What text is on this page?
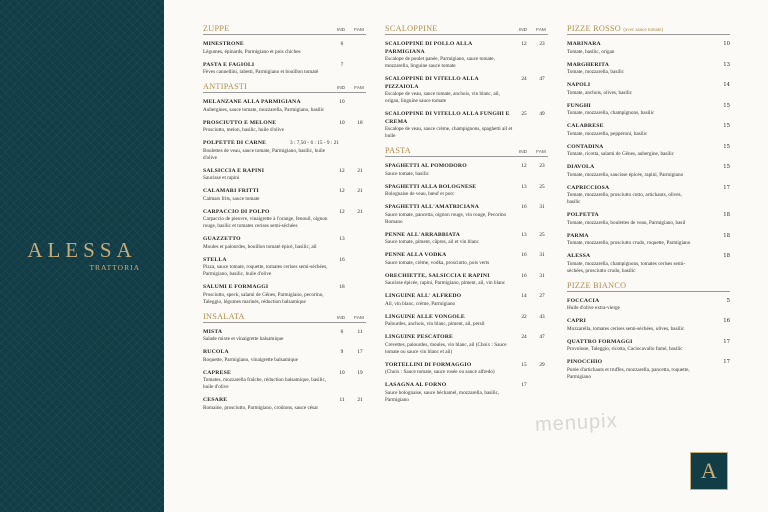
ALESSA
TRATTORIA
ZUPPE	IND	FAM
MINESTRONE
Légumes, épinards, Parmigiano et pois chiches
6
PASTA E FAGIOLI
Fèves cannellini, rabetti, Parmigiano et bouillon tomaté
7
ANTIPASTI	IND	FAM
MELANZANE ALLA PARMIGIANA
Aubergines, sauce tomate, mozzarella, Parmigiano, basilic
10
PROSCIUTTO E MELONE
Prosciutto, melon, basilic, huile d'olive
10	18
POLPETTE DI CARNE
Boulettes de veau, sauce tomate, Parmigiano, basilic, huile d'olive
3 : 7,50 - 6 : 15 - 9 : 21
SALSICCIA E RAPINI
Saucisse et rapini
12	21
CALAMARI FRITTI
Calmars frits, sauce tomate
12	21
CARPACCIO DI POLPO
Carpaccio de pieuvre, vinaigrette à l'orange, fenouil, oignon rouge, basilic et tomates cerises semi-séchées
12	21
GUAZZETTO
Moules et palourdes, bouillon tomaté épicé, basilic, ail
13
STELLA
Pizza, sauce tomate, roquette, tomates cerises semi-séchées, Parmigiano, basilic, huile d'olive
16
SALUMI E FORMAGGI
Prosciutto, speck, salami de Gênes, Parmigiano, pecorino, Taleggio, légumes marinés, réduction balsamique
18
INSALATA	IND	FAM
MISTA
Salade mixte et vinaigrette balsamique
6	11
RUCOLA
Roquette, Parmigiano, vinaigrette balsamique
9	17
CAPRESE
Tomates, mozzarella fraîche, réduction balsamique, basilic, huile d'olive
10	19
CESARE
Romaine, prosciutto, Parmigiano, croûtons, sauce césar
11	21
SCALOPPINE	IND	FAM
SCALOPPINE DI POLLO ALLA PARMIGIANA
Escalope de poulet panée, Parmigiano, sauce tomate, mozzarella, linguine sauce tomate
12	23
SCALOPPINE DI VITELLO ALLA PIZZAIOLA
Escalope de veau, sauce tomate, anchois, vin blanc, ail, origan, linguine sauce tomate
24	47
SCALOPPINE DI VITELLO ALLA FUNGHI E CREMA
Escalope de veau, sauce crème, champignons, spaghetti ail et huile
25	49
PASTA	IND	FAM
SPAGHETTI AL POMODORO
Sauce tomate, basilic
12	23
SPAGHETTI ALLA BOLOGNESE
Bolognaise de veau, bœuf et porc
13	25
SPAGHETTI ALL'AMATRICIANA
Sauce tomate, pancetta, oignon rouge, vin rouge, Pecorino Romano
16	31
PENNE ALL'ARRABBIATA
Sauce tomate, piment, câpres, ail et vin blanc
13	25
PENNE ALLA VODKA
Sauce tomate, crème, vodka, prosciutto, pois verts
16	31
ORECHIETTE, SALSICCIA E RAPINI
Saucisse épicée, rapini, Parmigiano, piment, ail, vin blanc
16	31
LINGUINE ALL' ALFREDO
Ail, vin blanc, crème, Parmigiano
14	27
LINGUINE ALLE VONGOLE
Palourdes, anchois, vin blanc, piment, ail, persil
22	43
LINGUINE PESCATORE
Crevettes, palourdes, moules, vin blanc, ail (Choix : Sauce tomate ou sauce vin blanc et ail)
24	47
TORTELLINI DI FORMAGGIO
(Choix : Sauce tomate, sauce rosée ou sauce alfredo)
15	29
LASAGNA AL FORNO
Sauce bolognaise, sauce béchamel, mozzarella, basilic, Parmigiano
17
PIZZE ROSSO (avec sauce tomate)
MARINARA
Tomate, basilic, origan
10
MARGHERITA
Tomate, mozzarella, basilic
13
NAPOLI
Tomate, anchois, olives, basilic
14
FUNGHI
Tomate, mozzarella, champignons, basilic
15
CALABRESE
Tomate, mozzarella, pepperoni, basilic
15
CONTADINA
Tomate, ricotta, salami de Gênes, aubergine, basilic
15
DIAVOLA
Tomate, mozzarella, saucisse épicée, rapini, Parmigiano
15
CAPRICCIOSA
Tomate, mozzarella, prosciutto cotto, artichauts, olives, basilic
17
POLPETTA
Tomate, mozzarella, boulettes de veau, Parmigiano, basil
18
PARMA
Tomate, mozzarella, prosciutto crudo, roquette, Parmigiano
18
ALESSA
Tomate, mozzarella, champignons, tomates cerises semi-séchées, prosciutto crudo, basilic
18
PIZZE BIANCO
FOCCACIA
Huile d'olive extra-vierge
5
CAPRI
Mozzarella, tomates cerises semi-séchées, olives, basilic
16
QUATTRO FORMAGGI
Provolone, Taleggio, ricotta, Caciocavallo fumé, basilic
17
PINOCCHIO
Purée d'artichauts et truffes, mozzarella, pancetta, roquette, Parmigiano
17
menupix
A
